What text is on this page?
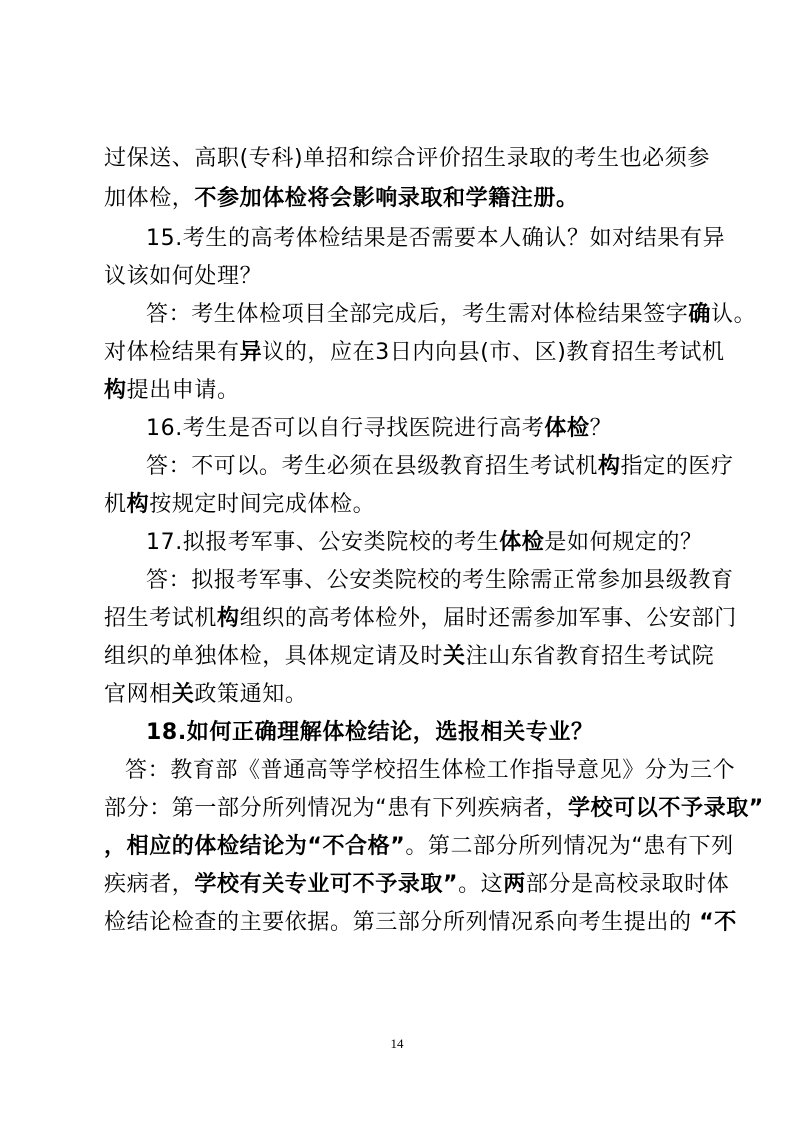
过保送、高职(专科)单招和综合评价招生录取的考生也必须参
加体检，不参加体检将会影响录取和学籍注册。
15.考生的高考体检结果是否需要本人确认？如对结果有异
议该如何处理？
答：考生体检项目全部完成后，考生需对体检结果签字确认。
对体检结果有异议的，应在3日内向县(市、区)教育招生考试机
构提出申请。
16.考生是否可以自行寻找医院进行高考体检？
答：不可以。考生必须在县级教育招生考试机构指定的医疗
机构按规定时间完成体检。
17.拟报考军事、公安类院校的考生体检是如何规定的？
答：拟报考军事、公安类院校的考生除需正常参加县级教育
招生考试机构组织的高考体检外，届时还需参加军事、公安部门
组织的单独体检，具体规定请及时关注山东省教育招生考试院
官网相关政策通知。
18.如何正确理解体检结论，选报相关专业？
答：教育部《普通高等学校招生体检工作指导意见》分为三个
部分：第一部分所列情况为“患有下列疾病者，学校可以不予录取”
，相应的体检结论为“不合格”。第二部分所列情况为“患有下列
疾病者，学校有关专业可不予录取”。这两部分是高校录取时体
检结论检查的主要依据。第三部分所列情况系向考生提出的 “不
14
